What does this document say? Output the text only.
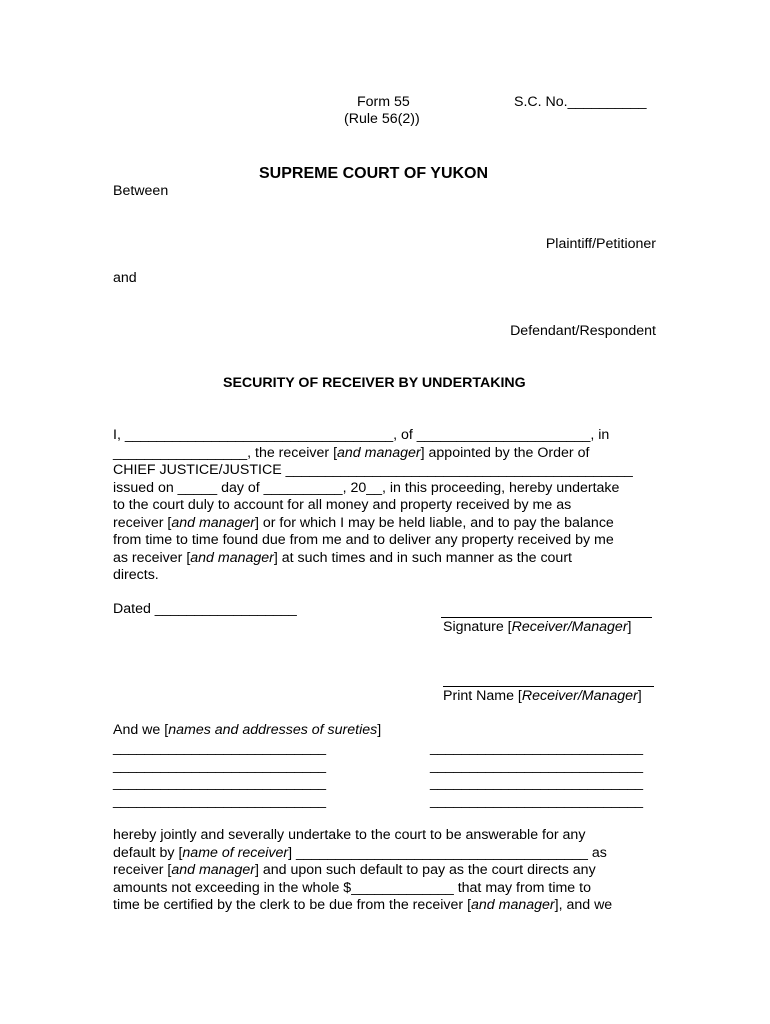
Form 55
(Rule 56(2))
S.C. No.__________
SUPREME COURT OF YUKON
Between
Plaintiff/Petitioner
and
Defendant/Respondent
SECURITY OF RECEIVER BY UNDERTAKING
I, __________________________________, of ______________________, in
_________________, the receiver [and manager] appointed by the Order of
CHIEF JUSTICE/JUSTICE ____________________________________________
issued on _____ day of __________, 20__, in this proceeding, hereby undertake
to the court duly to account for all money and property received by me as
receiver [and manager] or for which I may be held liable, and to pay the balance
from time to time found due from me and to deliver any property received by me
as receiver [and manager] at such times and in such manner as the court
directs.
Dated __________________
Signature [Receiver/Manager]
Print Name [Receiver/Manager]
And we [names and addresses of sureties]
___________________________
___________________________
___________________________
___________________________
___________________________
___________________________
___________________________
___________________________
hereby jointly and severally undertake to the court to be answerable for any
default by [name of receiver] _____________________________________ as
receiver [and manager] and upon such default to pay as the court directs any
amounts not exceeding in the whole $_____________ that may from time to
time be certified by the clerk to be due from the receiver [and manager], and we
